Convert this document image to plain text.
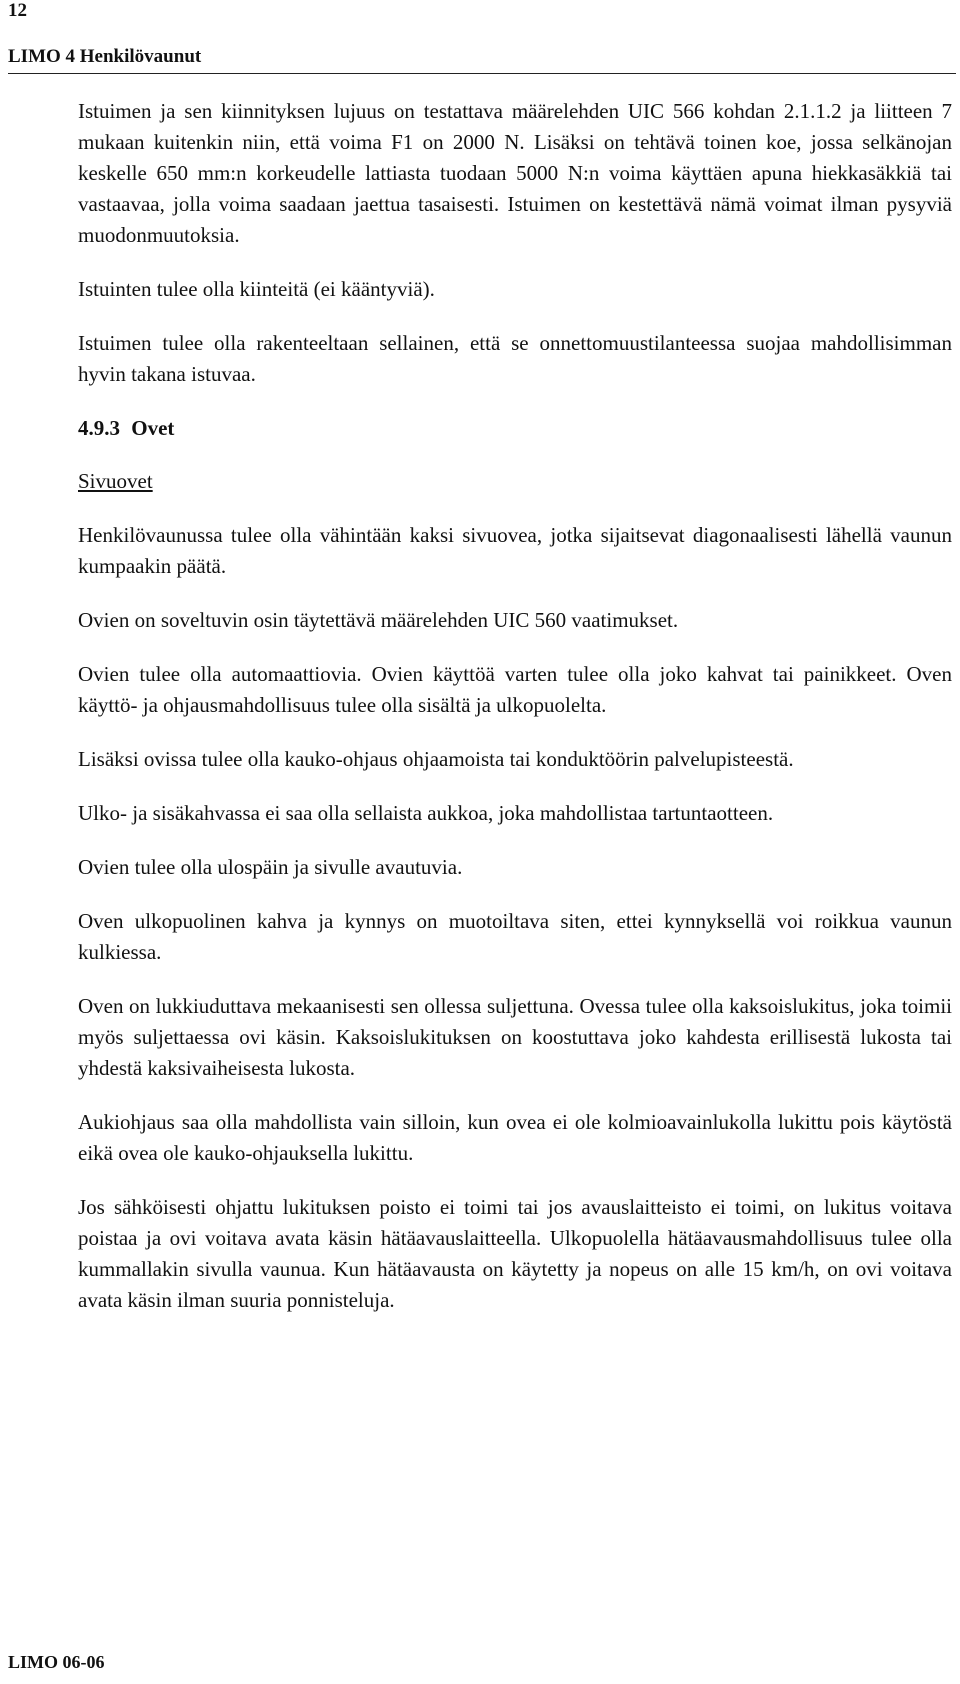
12
LIMO 4 Henkilövaunut

Istuimen ja sen kiinnityksen lujuus on testattava määrelehden UIC 566 kohdan 2.1.1.2 ja liitteen 7 mukaan kuitenkin niin, että voima F1 on 2000 N. Lisäksi on tehtävä toinen koe, jossa selkänojan keskelle 650 mm:n korkeudelle lattiasta tuodaan 5000 N:n voima käyttäen apuna hiekkasäkkiä tai vastaavaa, jolla voima saadaan jaettua tasaisesti. Istuimen on kestettävä nämä voimat ilman pysyviä muodonmuutoksia.

Istuinten tulee olla kiinteitä (ei kääntyviä).

Istuimen tulee olla rakenteeltaan sellainen, että se onnettomuustilanteessa suojaa mahdollisimman hyvin takana istuvaa.

4.9.3 Ovet
Sivuovet

Henkilövaunussa tulee olla vähintään kaksi sivuovea, jotka sijaitsevat diagonaalisesti lähellä vaunun kumpaakin päätä.

Ovien on soveltuvin osin täytettävä määrelehden UIC 560 vaatimukset.

Ovien tulee olla automaattiovia. Ovien käyttöä varten tulee olla joko kahvat tai painikkeet. Oven käyttö- ja ohjausmahdollisuus tulee olla sisältä ja ulkopuolelta.

Lisäksi ovissa tulee olla kauko-ohjaus ohjaamoista tai konduktöörin palvelupisteestä.

Ulko- ja sisäkahvassa ei saa olla sellaista aukkoa, joka mahdollistaa tartuntaotteen.

Ovien tulee olla ulospäin ja sivulle avautuvia.

Oven ulkopuolinen kahva ja kynnys on muotoiltava siten, ettei kynnyksellä voi roikkua vaunun kulkiessa.

Oven on lukkiuduttava mekaanisesti sen ollessa suljettuna. Ovessa tulee olla kaksoislukitus, joka toimii myös suljettaessa ovi käsin. Kaksoislukituksen on koostuttava joko kahdesta erillisestä lukosta tai yhdestä kaksivaiheisesta lukosta.

Aukiohjaus saa olla mahdollista vain silloin, kun ovea ei ole kolmioavainlukolla lukittu pois käytöstä eikä ovea ole kauko-ohjauksella lukittu.

Jos sähköisesti ohjattu lukituksen poisto ei toimi tai jos avauslaitteisto ei toimi, on lukitus voitava poistaa ja ovi voitava avata käsin hätäavauslaitteella. Ulkopuolella hätäavausmahdollisuus tulee olla kummallakin sivulla vaunua. Kun hätäavausta on käytetty ja nopeus on alle 15 km/h, on ovi voitava avata käsin ilman suuria ponnisteluja.

LIMO 06-06
